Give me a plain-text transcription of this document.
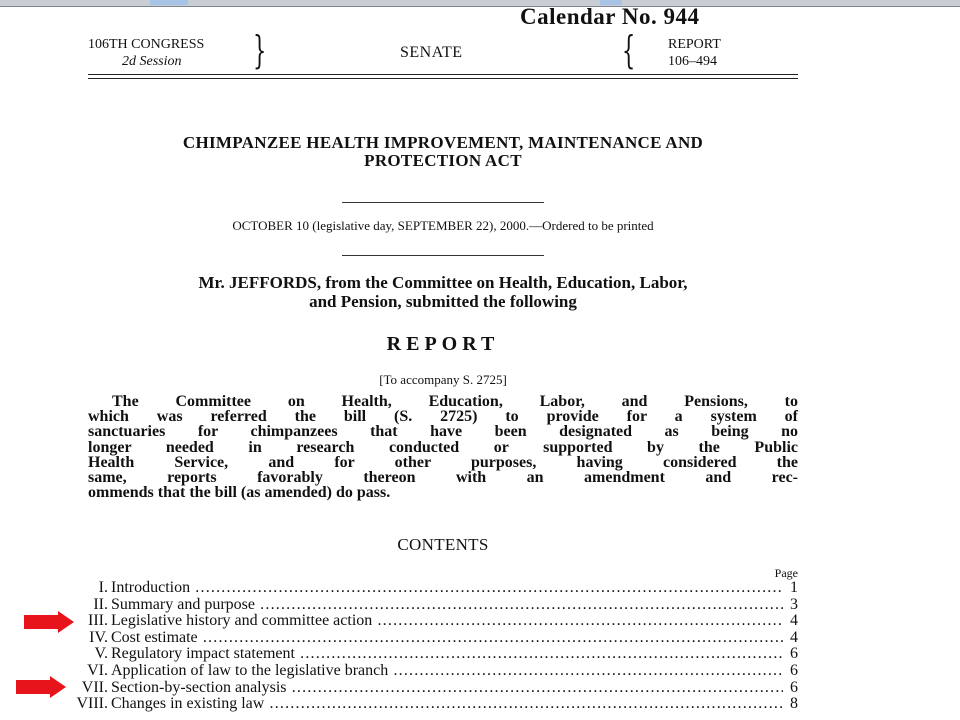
Calendar No. 944
106TH CONGRESS
2d Session	}	SENATE	{ REPORT
106–494
CHIMPANZEE HEALTH IMPROVEMENT, MAINTENANCE AND
PROTECTION ACT
OCTOBER 10 (legislative day, SEPTEMBER 22), 2000.—Ordered to be printed
Mr. JEFFORDS, from the Committee on Health, Education, Labor,
and Pension, submitted the following
REPORT
[To accompany S. 2725]
The Committee on Health, Education, Labor, and Pensions, to
which was referred the bill (S. 2725) to provide for a system of
sanctuaries for chimpanzees that have been designated as being no
longer needed in research conducted or supported by the Public
Health Service, and for other purposes, having considered the
same, reports favorably thereon with an amendment and rec-
ommends that the bill (as amended) do pass.
CONTENTS
Page
I. Introduction .....	1
II. Summary and purpose .....	3
III. Legislative history and committee action .....	4
IV. Cost estimate .....	4
V. Regulatory impact statement .....	6
VI. Application of law to the legislative branch .....	6
VII. Section-by-section analysis .....	6
VIII. Changes in existing law .....	8
